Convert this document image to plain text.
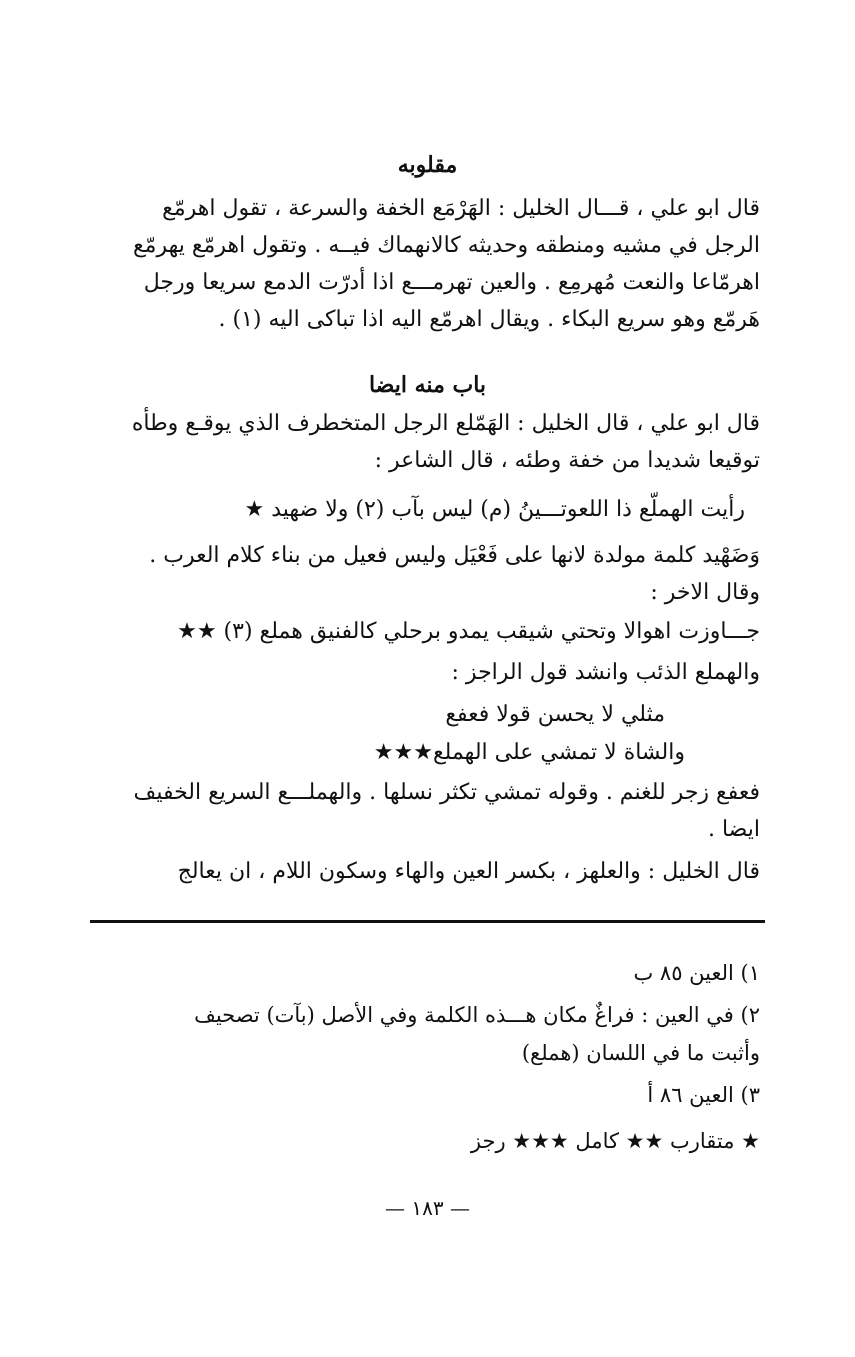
مقلوبه
قال ابو علي ، قـــال الخليل : الهَرْمَع الخفة والسرعة ، تقول اهرمّع
الرجل في مشيه ومنطقه وحديثه كالانهماك فيــه . وتقول اهرمّع يهرمّع
اهرمّاعا والنعت مُهرمِع . والعين تهرمـــع اذا أدرّت الدمع سريعا ورجل
هَرمّع وهو سريع البكاء . ويقال اهرمّع اليه اذا تباكى اليه (١) .
باب منه ايضا
قال ابو علي ، قال الخليل : الهَمّلع الرجل المتخطرف الذي يوقـع وطأه
توقيعا شديدا من خفة وطئه ، قال الشاعر :
رأيت الهملّع ذا اللعوتـــينُ (م) ليس بآب (٢) ولا ضهيد ★
وَضَهْيد كلمة مولدة لانها على فَعْيَل وليس فعيل من بناء كلام العرب .
وقال الاخر :
جـــاوزت اهوالا وتحتي شيقب يمدو برحلي كالفنيق هملع (٣) ★★
والهملع الذئب وانشد قول الراجز :
مثلي لا يحسن قولا فعفع
والشاة لا تمشي على الهملع★★★
فعفع زجر للغنم . وقوله تمشي تكثر نسلها . والهملـــع السريع الخفيف
ايضا .
قال الخليل : والعلهز ، بكسر العين والهاء وسكون اللام ، ان يعالج
١) العين ٨٥ ب
٢) في العين : فراغٌ مكان هـــذه الكلمة وفي الأصل (بآت) تصحيف
وأثبت ما في اللسان (هملع)
٣) العين ٨٦ أ
★ متقارب ★★ كامل ★★★ رجز
— ١٨٣ —
